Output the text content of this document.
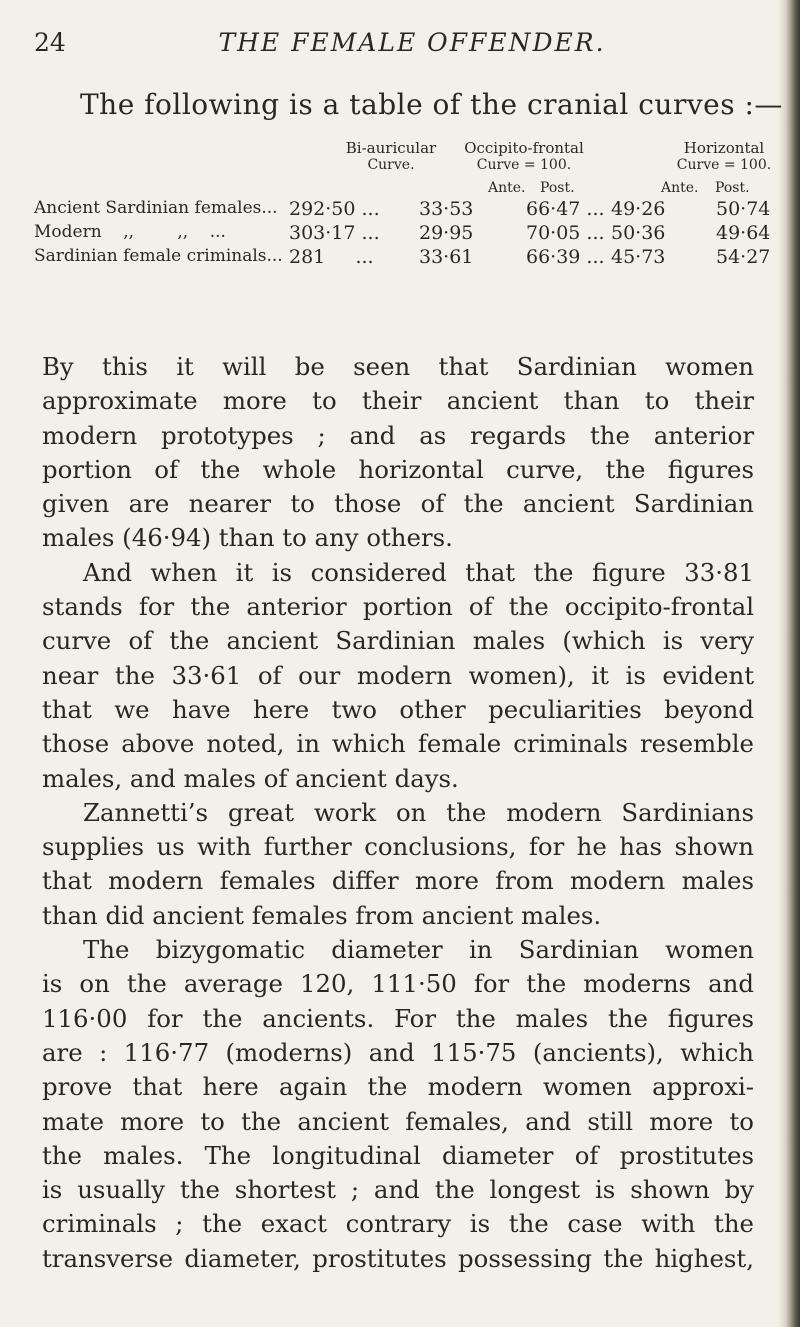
24	THE FEMALE OFFENDER.
The following is a table of the cranial curves :—
Bi-auricular
Curve.
Occipito-frontal
Curve = 100.
Horizontal
Curve = 100.
Ante. Post.	Ante. Post.
Ancient Sardinian females... 292·50 ... 33·53	66·47 ... 49·26	50·74
Modern    ,,        ,,    ...	303·17 ... 29·95	70·05 ... 50·36	49·64
Sardinian female criminals... 281     ... 33·61	66·39 ... 45·73	54·27

By this it will be seen that Sardinian women

approximate more to their ancient than to their

modern prototypes ; and as regards the anterior

portion of the whole horizontal curve, the figures

given are nearer to those of the ancient Sardinian

males (46·94) than to any others.

And when it is considered that the figure 33·81

stands for the anterior portion of the occipito-frontal

curve of the ancient Sardinian males (which is very

near the 33·61 of our modern women), it is evident

that we have here two other peculiarities beyond

those above noted, in which female criminals resemble

males, and males of ancient days.

Zannetti’s great work on the modern Sardinians

supplies us with further conclusions, for he has shown

that modern females differ more from modern males

than did ancient females from ancient males.

The bizygomatic diameter in Sardinian women

is on the average 120, 111·50 for the moderns and

116·00 for the ancients. For the males the figures

are : 116·77 (moderns) and 115·75 (ancients), which

prove that here again the modern women approxi-

mate more to the ancient females, and still more to

the males. The longitudinal diameter of prostitutes

is usually the shortest ; and the longest is shown by

criminals ; the exact contrary is the case with the

transverse diameter, prostitutes possessing the highest,
